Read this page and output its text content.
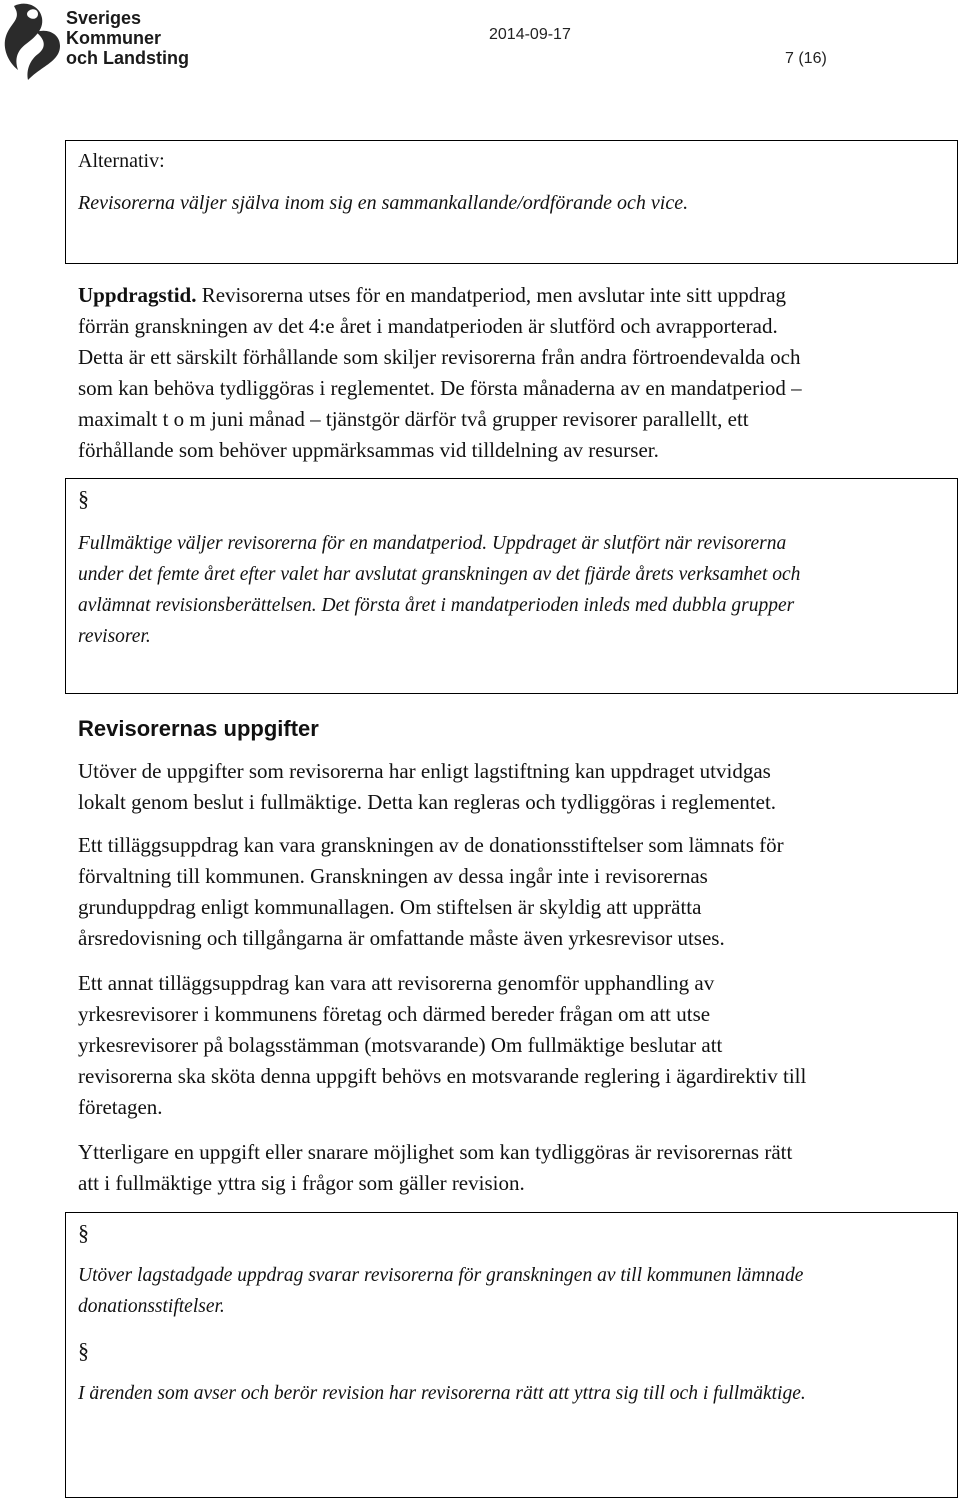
Sveriges
Kommuner
och Landsting
2014-09-17
7 (16)
Alternativ:
Revisorerna väljer själva inom sig en sammankallande/ordförande och vice.
Uppdragstid. Revisorerna utses för en mandatperiod, men avslutar inte sitt uppdrag
förrän granskningen av det 4:e året i mandatperioden är slutförd och avrapporterad.
Detta är ett särskilt förhållande som skiljer revisorerna från andra förtroendevalda och
som kan behöva tydliggöras i reglementet. De första månaderna av en mandatperiod –
maximalt t o m juni månad – tjänstgör därför två grupper revisorer parallellt, ett
förhållande som behöver uppmärksammas vid tilldelning av resurser.
§
Fullmäktige väljer revisorerna för en mandatperiod. Uppdraget är slutfört när revisorerna
under det femte året efter valet har avslutat granskningen av det fjärde årets verksamhet och
avlämnat revisionsberättelsen. Det första året i mandatperioden inleds med dubbla grupper
revisorer.
Revisorernas uppgifter
Utöver de uppgifter som revisorerna har enligt lagstiftning kan uppdraget utvidgas
lokalt genom beslut i fullmäktige. Detta kan regleras och tydliggöras i reglementet.
Ett tilläggsuppdrag kan vara granskningen av de donationsstiftelser som lämnats för
förvaltning till kommunen. Granskningen av dessa ingår inte i revisorernas
grunduppdrag enligt kommunallagen. Om stiftelsen är skyldig att upprätta
årsredovisning och tillgångarna är omfattande måste även yrkesrevisor utses.
Ett annat tilläggsuppdrag kan vara att revisorerna genomför upphandling av
yrkesrevisorer i kommunens företag och därmed bereder frågan om att utse
yrkesrevisorer på bolagsstämman (motsvarande) Om fullmäktige beslutar att
revisorerna ska sköta denna uppgift behövs en motsvarande reglering i ägardirektiv till
företagen.
Ytterligare en uppgift eller snarare möjlighet som kan tydliggöras är revisorernas rätt
att i fullmäktige yttra sig i frågor som gäller revision.
§
Utöver lagstadgade uppdrag svarar revisorerna för granskningen av till kommunen lämnade
donationsstiftelser.
§
I ärenden som avser och berör revision har revisorerna rätt att yttra sig till och i fullmäktige.
